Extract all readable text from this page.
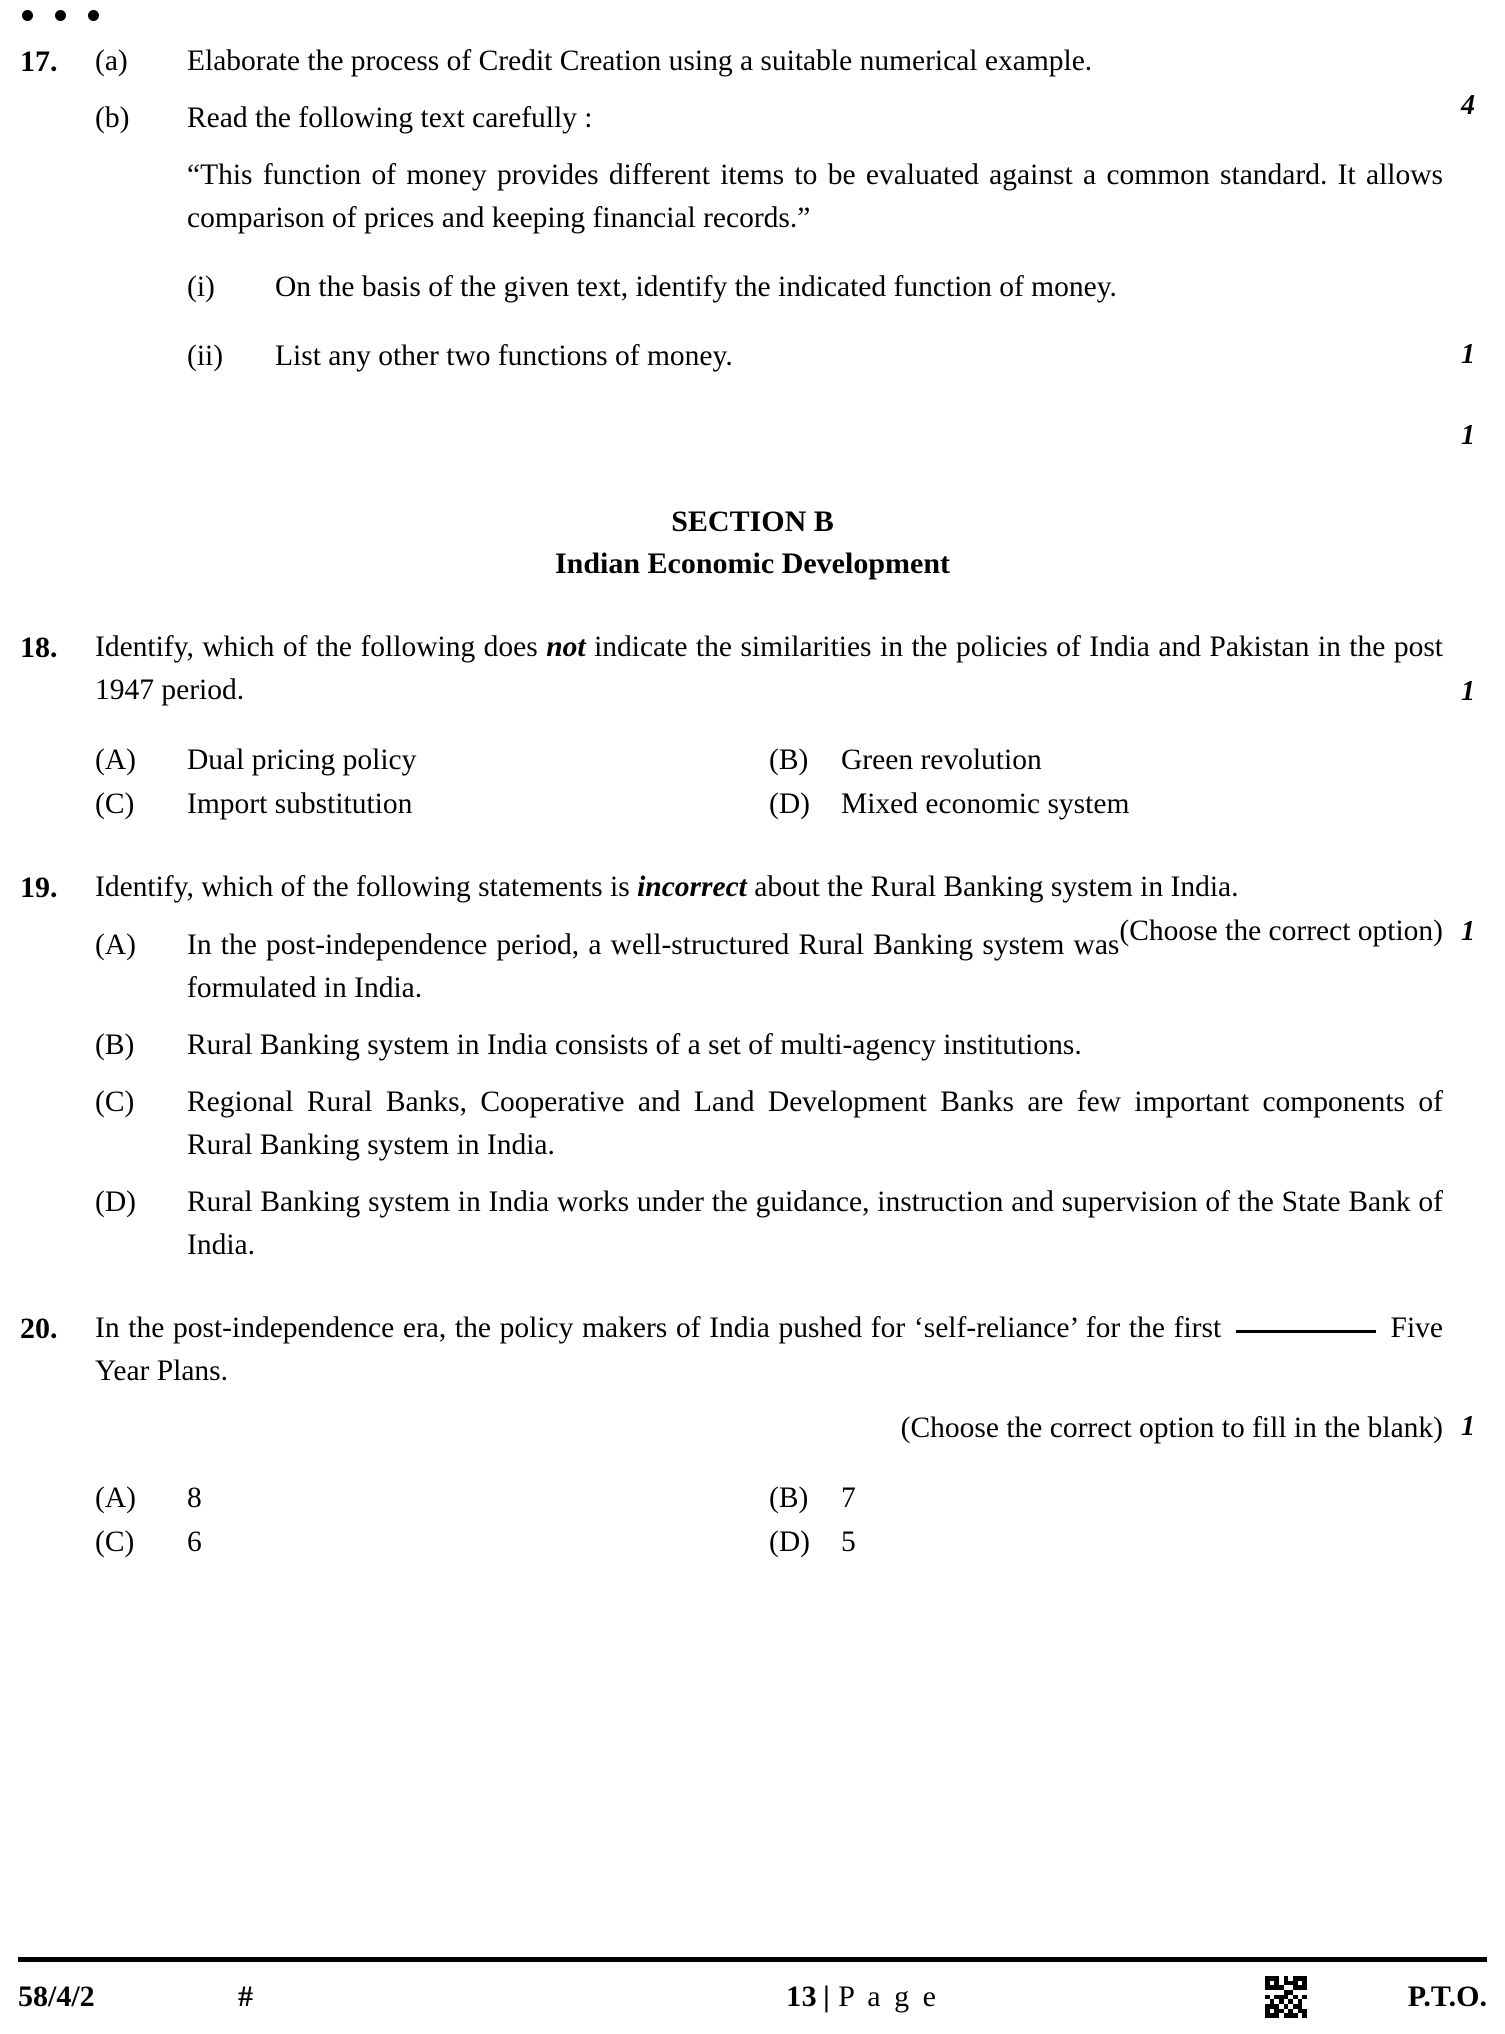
17.	(a)	Elaborate the process of Credit Creation using a suitable numerical example.
(b)	Read the following text carefully :
“This function of money provides different items to be evaluated against a common standard. It allows comparison of prices and keeping financial records.”
(i)	On the basis of the given text, identify the indicated function of money.
(ii)	List any other two functions of money.
4
1
1
SECTION B
Indian Economic Development
18.	Identify, which of the following does not indicate the similarities in the policies of India and Pakistan in the post 1947 period.
(A)	Dual pricing policy	(B)	Green revolution
(C)	Import substitution	(D)	Mixed economic system
1
19.	Identify, which of the following statements is incorrect about the Rural Banking system in India.
(Choose the correct option)
(A)	In the post-independence period, a well-structured Rural Banking system was formulated in India.
(B)	Rural Banking system in India consists of a set of multi-agency institutions.
(C)	Regional Rural Banks, Cooperative and Land Development Banks are few important components of Rural Banking system in India.
(D)	Rural Banking system in India works under the guidance, instruction and supervision of the State Bank of India.
1
20.	In the post-independence era, the policy makers of India pushed for ‘self-reliance’ for the first	Five Year Plans.
(Choose the correct option to fill in the blank)
(A)	8	(B)	7
(C)	6	(D)	5
1
58/4/2	#	13 | P a g e	P.T.O.
